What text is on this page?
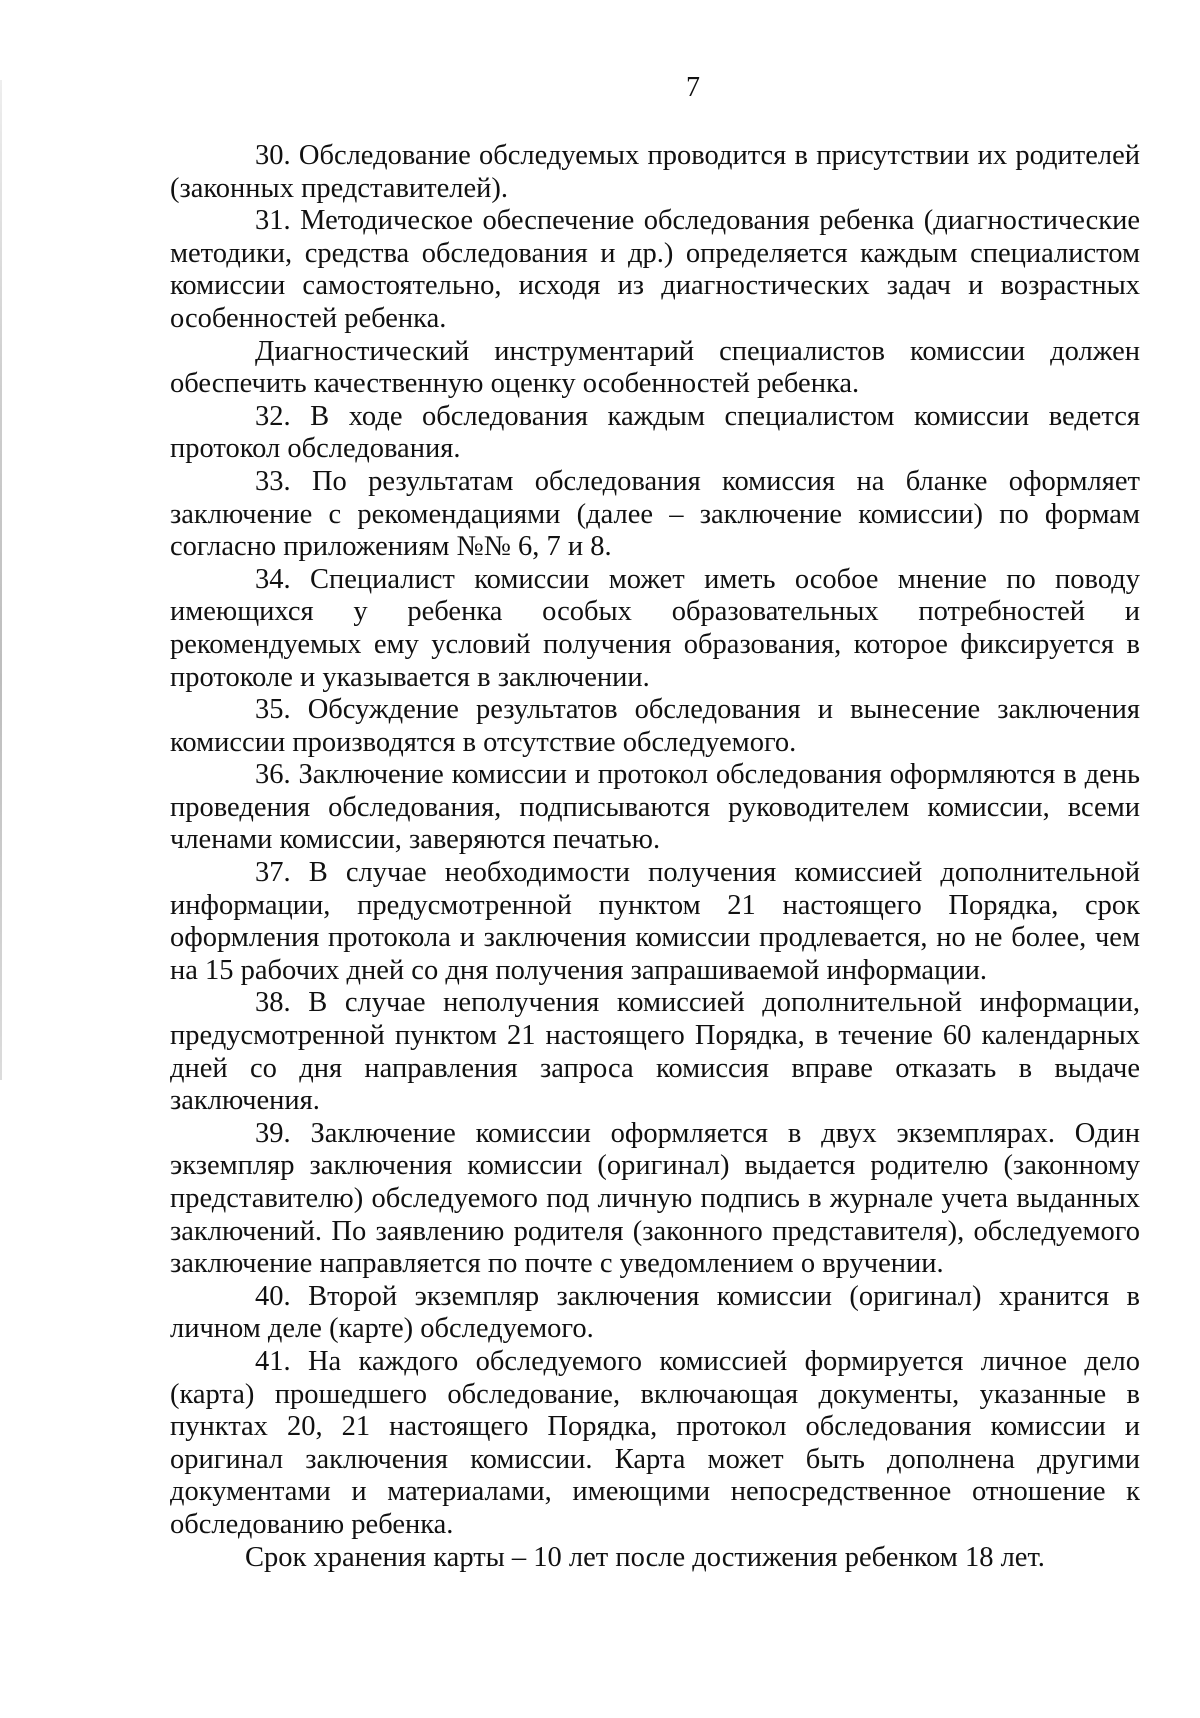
7

30. Обследование обследуемых проводится в присутствии их родителей (законных представителей).

31. Методическое обеспечение обследования ребенка (диагностические методики, средства обследования и др.) определяется каждым специалистом комиссии самостоятельно, исходя из диагностических задач и возрастных особенностей ребенка.

Диагностический инструментарий специалистов комиссии должен обеспечить качественную оценку особенностей ребенка.

32. В ходе обследования каждым специалистом комиссии ведется протокол обследования.

33. По результатам обследования комиссия на бланке оформляет заключение с рекомендациями (далее – заключение комиссии) по формам согласно приложениям №№ 6, 7 и 8.

34. Специалист комиссии может иметь особое мнение по поводу имеющихся у ребенка особых образовательных потребностей и рекомендуемых ему условий получения образования, которое фиксируется в протоколе и указывается в заключении.

35. Обсуждение результатов обследования и вынесение заключения комиссии производятся в отсутствие обследуемого.

36. Заключение комиссии и протокол обследования оформляются в день проведения обследования, подписываются руководителем комиссии, всеми членами комиссии, заверяются печатью.

37. В случае необходимости получения комиссией дополнительной информации, предусмотренной пунктом 21 настоящего Порядка, срок оформления протокола и заключения комиссии продлевается, но не более, чем на 15 рабочих дней со дня получения запрашиваемой информации.

38. В случае неполучения комиссией дополнительной информации, предусмотренной пунктом 21 настоящего Порядка, в течение 60 календарных дней со дня направления запроса комиссия вправе отказать в выдаче заключения.

39. Заключение комиссии оформляется в двух экземплярах. Один экземпляр заключения комиссии (оригинал) выдается родителю (законному представителю) обследуемого под личную подпись в журнале учета выданных заключений. По заявлению родителя (законного представителя), обследуемого заключение направляется по почте с уведомлением о вручении.

40. Второй экземпляр заключения комиссии (оригинал) хранится в личном деле (карте) обследуемого.

41. На каждого обследуемого комиссией формируется личное дело (карта) прошедшего обследование, включающая документы, указанные в пунктах 20, 21 настоящего Порядка, протокол обследования комиссии и оригинал заключения комиссии. Карта может быть дополнена другими документами и материалами, имеющими непосредственное отношение к обследованию ребенка.

Срок хранения карты – 10 лет после достижения ребенком 18 лет.
